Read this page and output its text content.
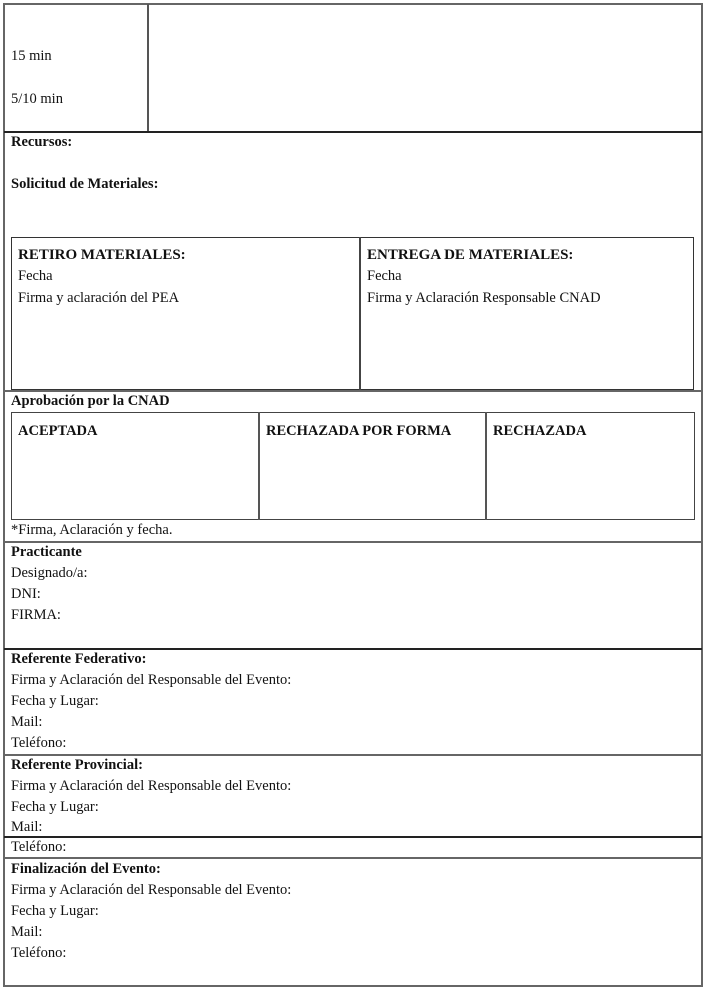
15 min
5/10 min
Recursos:
Solicitud de Materiales:
RETIRO MATERIALES:
Fecha
Firma y aclaración del PEA
ENTREGA DE MATERIALES:
Fecha
Firma y Aclaración Responsable CNAD
Aprobación por la CNAD
ACEPTADA	RECHAZADA POR FORMA	RECHAZADA
*Firma, Aclaración y fecha.
Practicante
Designado/a:
DNI:
FIRMA:
Referente Federativo:
Firma y Aclaración del Responsable del Evento:
Fecha y Lugar:
Mail:
Teléfono:
Referente Provincial:
Firma y Aclaración del Responsable del Evento:
Fecha y Lugar:
Mail:
Teléfono:
Finalización del Evento:
Firma y Aclaración del Responsable del Evento:
Fecha y Lugar:
Mail:
Teléfono:
